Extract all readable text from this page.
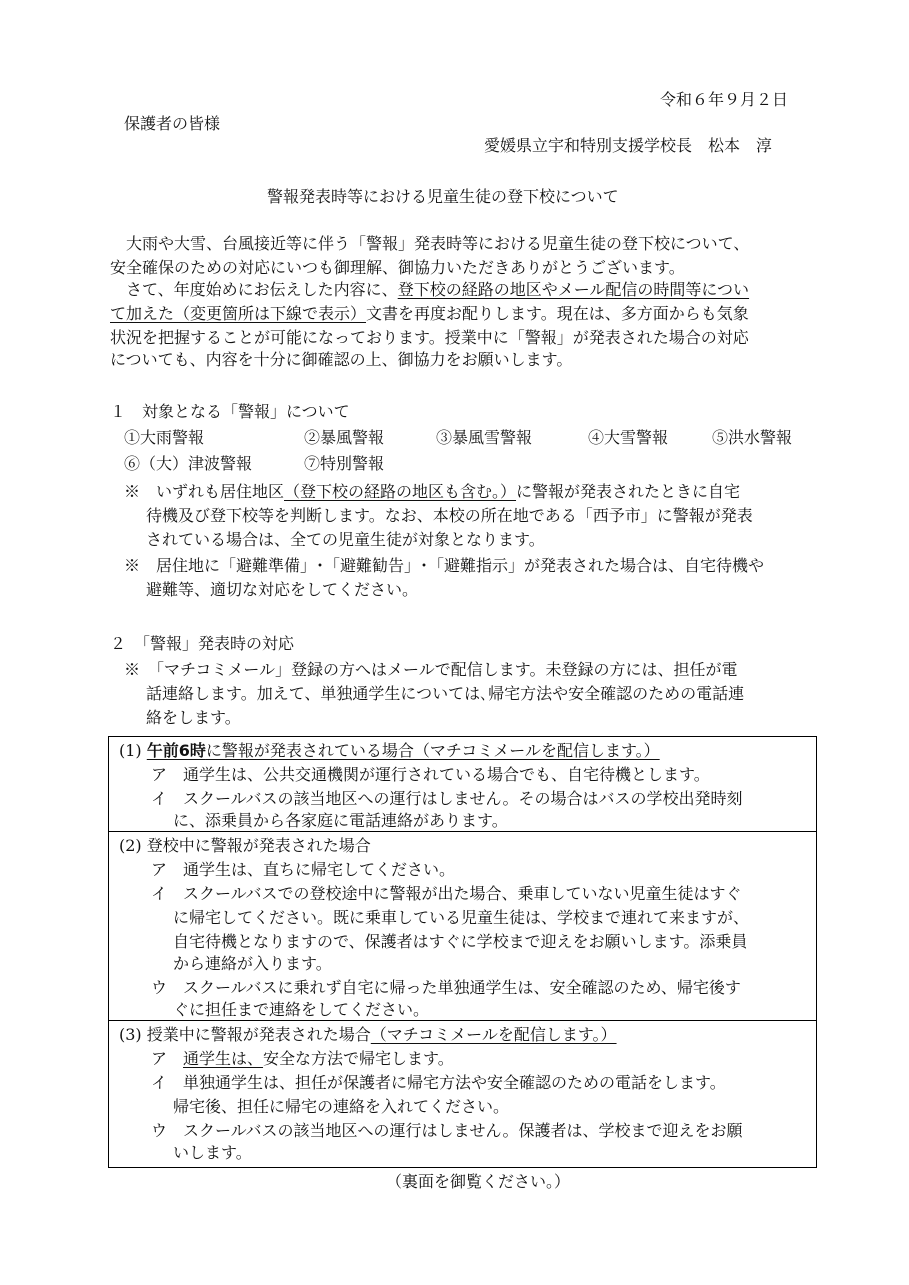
令和６年９月２日
保護者の皆様
愛媛県立宇和特別支援学校長　松本　淳
警報発表時等における児童生徒の登下校について
大雨や大雪、台風接近等に伴う「警報」発表時等における児童生徒の登下校について、
安全確保のための対応にいつも御理解、御協力いただきありがとうございます。
さて、年度始めにお伝えした内容に、登下校の経路の地区やメール配信の時間等につい
て加えた（変更箇所は下線で表示）文書を再度お配りします。現在は、多方面からも気象
状況を把握することが可能になっております。授業中に「警報」が発表された場合の対応
についても、内容を十分に御確認の上、御協力をお願いします。
１　対象となる「警報」について
①大雨警報	②暴風警報	③暴風雪警報	④大雪警報	⑤洪水警報
⑥（大）津波警報	⑦特別警報
※　いずれも居住地区（登下校の経路の地区も含む。）に警報が発表されたときに自宅
待機及び登下校等を判断します。なお、本校の所在地である「西予市」に警報が発表
されている場合は、全ての児童生徒が対象となります。
※　居住地に「避難準備」･「避難勧告」･「避難指示」が発表された場合は、自宅待機や
避難等、適切な対応をしてください。
２　「警報」発表時の対応
※　「マチコミメール」登録の方へはメールで配信します。未登録の方には、担任が電
話連絡します。加えて、単独通学生については､帰宅方法や安全確認のための電話連
絡をします。
(1) 午前6時に警報が発表されている場合（マチコミメールを配信します。）
ア　通学生は、公共交通機関が運行されている場合でも、自宅待機とします。
イ　スクールバスの該当地区への運行はしません。その場合はバスの学校出発時刻
に、添乗員から各家庭に電話連絡があります。
(2) 登校中に警報が発表された場合
ア　通学生は、直ちに帰宅してください。
イ　スクールバスでの登校途中に警報が出た場合、乗車していない児童生徒はすぐ
に帰宅してください。既に乗車している児童生徒は、学校まで連れて来ますが、
自宅待機となりますので、保護者はすぐに学校まで迎えをお願いします。添乗員
から連絡が入ります。
ウ　スクールバスに乗れず自宅に帰った単独通学生は、安全確認のため、帰宅後す
ぐに担任まで連絡をしてください。
(3) 授業中に警報が発表された場合（マチコミメールを配信します。）
ア　通学生は、安全な方法で帰宅します。
イ　単独通学生は、担任が保護者に帰宅方法や安全確認のための電話をします。
帰宅後、担任に帰宅の連絡を入れてください。
ウ　スクールバスの該当地区への運行はしません。保護者は、学校まで迎えをお願
いします。
（裏面を御覧ください。）
